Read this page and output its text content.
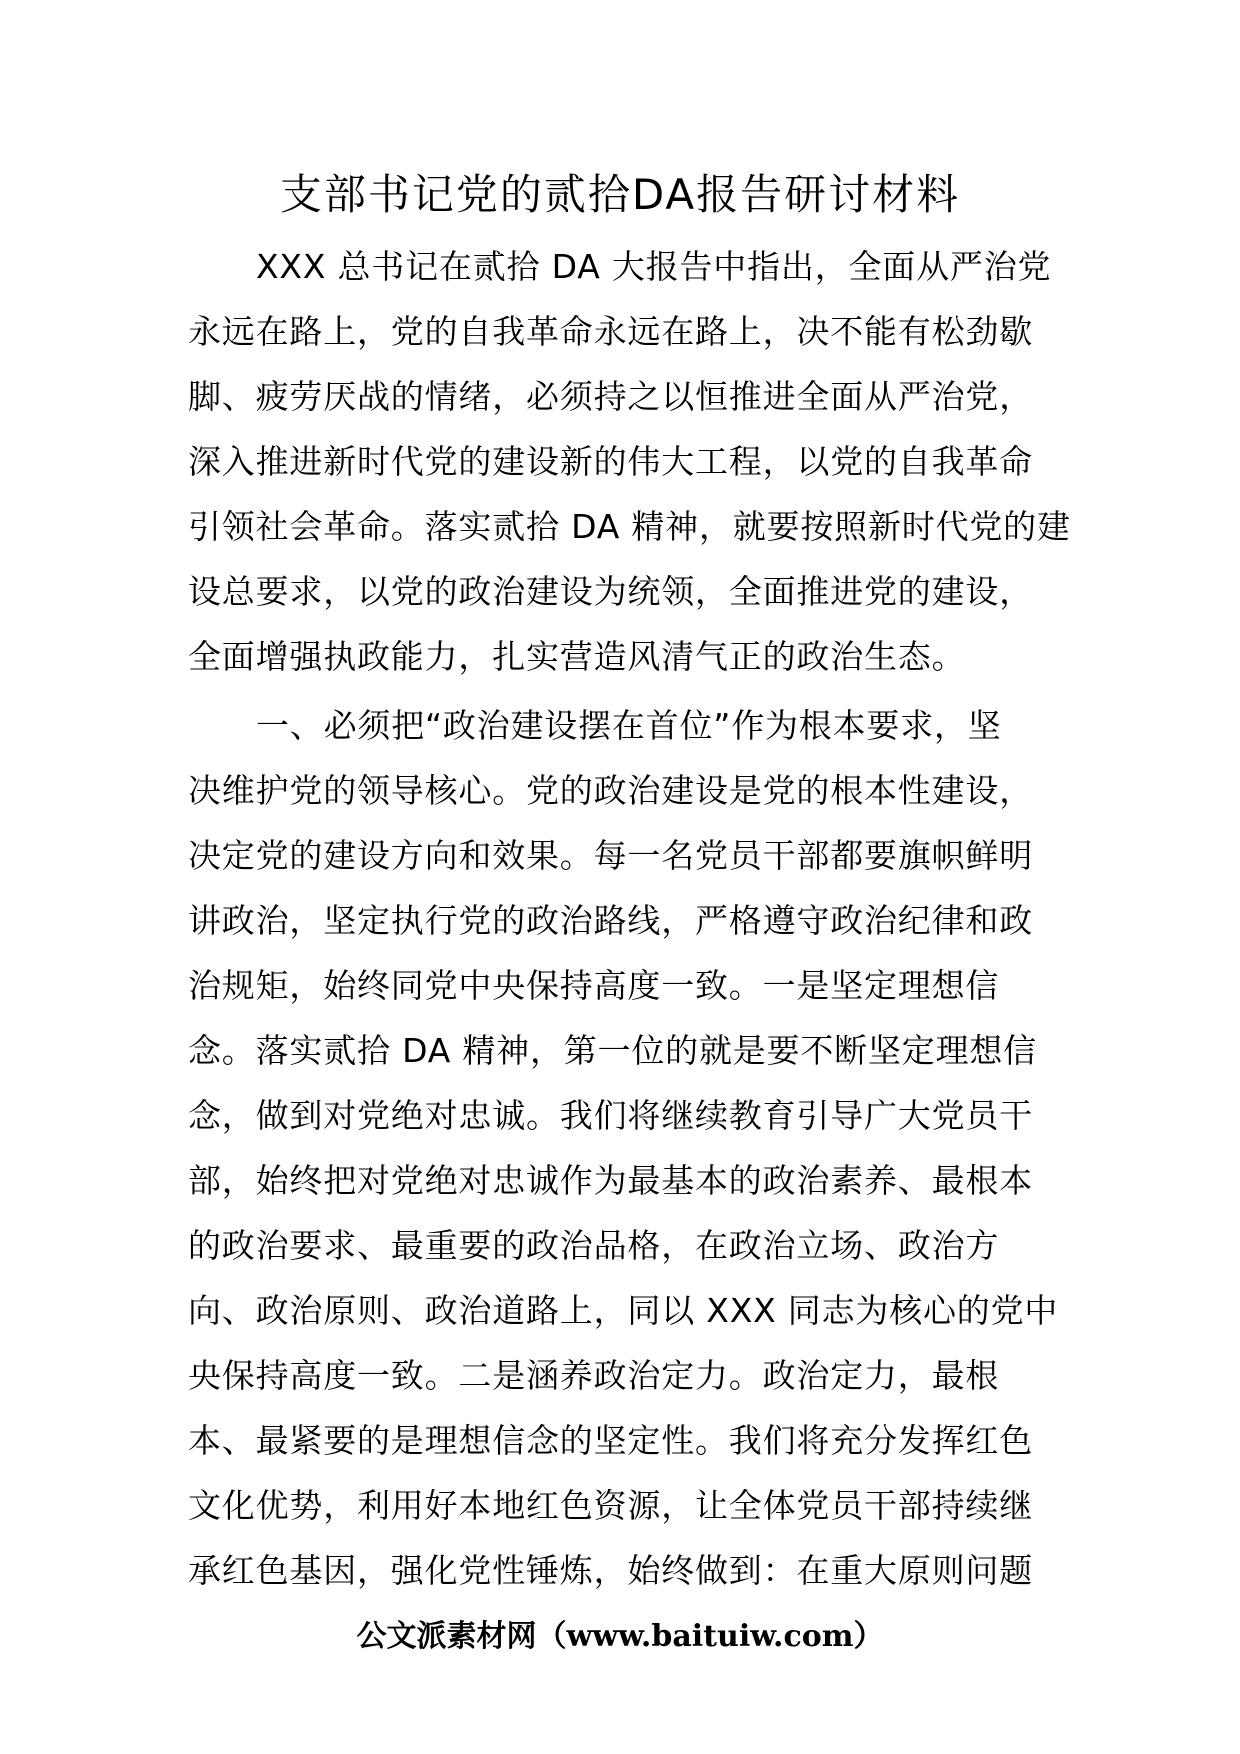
支部书记党的贰拾DA报告研讨材料
XXX 总书记在贰拾 DA 大报告中指出，全面从严治党
永远在路上，党的自我革命永远在路上，决不能有松劲歇
脚、疲劳厌战的情绪，必须持之以恒推进全面从严治党，
深入推进新时代党的建设新的伟大工程，以党的自我革命
引领社会革命。落实贰拾 DA 精神，就要按照新时代党的建
设总要求，以党的政治建设为统领，全面推进党的建设，
全面增强执政能力，扎实营造风清气正的政治生态。
一、必须把“政治建设摆在首位”作为根本要求，坚
决维护党的领导核心。党的政治建设是党的根本性建设，
决定党的建设方向和效果。每一名党员干部都要旗帜鲜明
讲政治，坚定执行党的政治路线，严格遵守政治纪律和政
治规矩，始终同党中央保持高度一致。一是坚定理想信
念。落实贰拾 DA 精神，第一位的就是要不断坚定理想信
念，做到对党绝对忠诚。我们将继续教育引导广大党员干
部，始终把对党绝对忠诚作为最基本的政治素养、最根本
的政治要求、最重要的政治品格，在政治立场、政治方
向、政治原则、政治道路上，同以 XXX 同志为核心的党中
央保持高度一致。二是涵养政治定力。政治定力，最根
本、最紧要的是理想信念的坚定性。我们将充分发挥红色
文化优势，利用好本地红色资源，让全体党员干部持续继
承红色基因，强化党性锤炼，始终做到：在重大原则问题
公文派素材网（www.baituiw.com）
